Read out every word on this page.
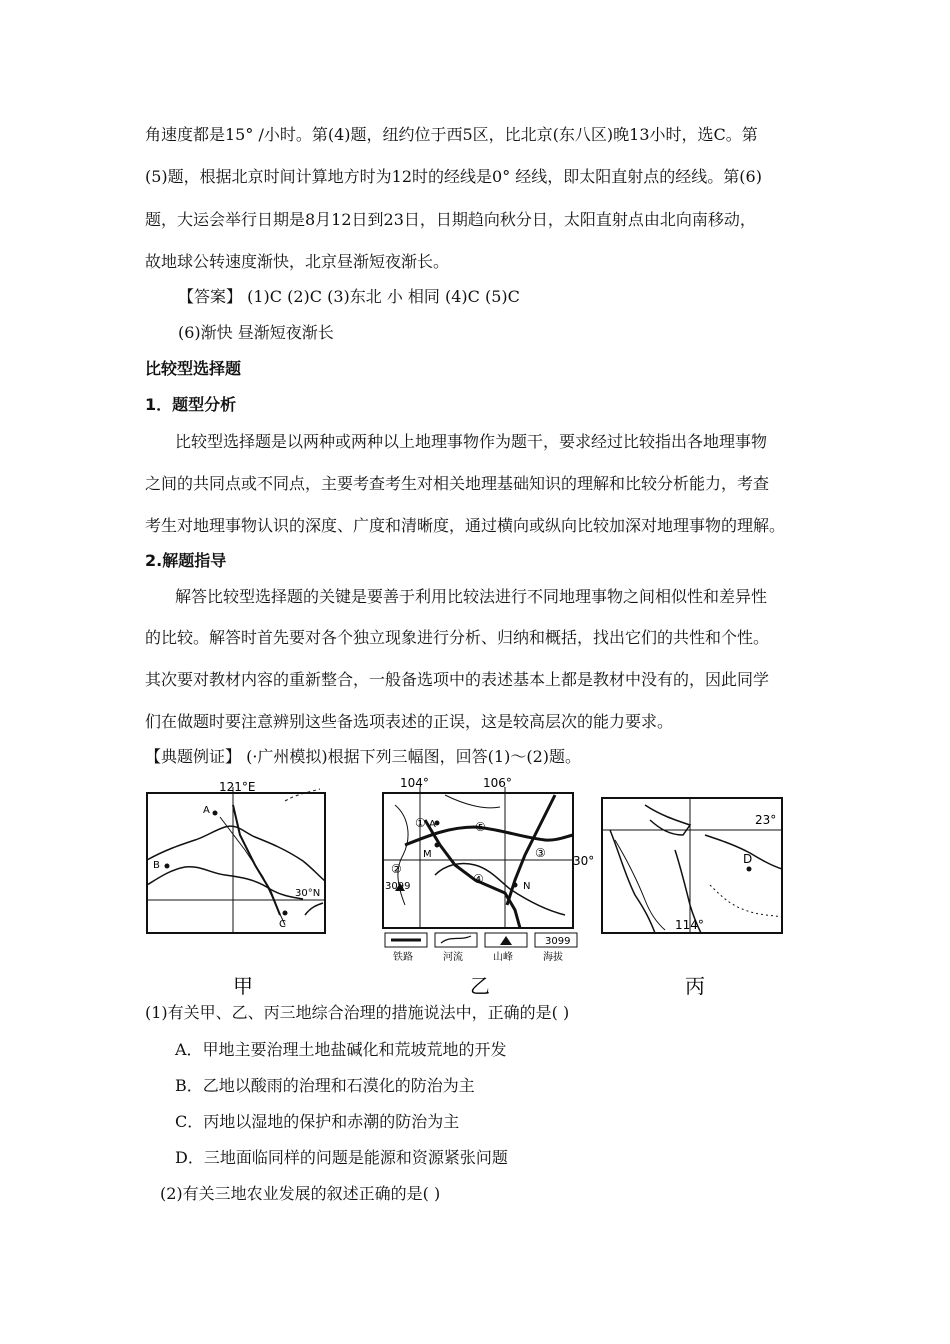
角速度都是15° /小时。第(4)题，纽约位于西5区，比北京(东八区)晚13小时，选C。第
(5)题，根据北京时间计算地方时为12时的经线是0° 经线，即太阳直射点的经线。第(6)
题，大运会举行日期是8月12日到23日，日期趋向秋分日，太阳直射点由北向南移动，
故地球公转速度渐快，北京昼渐短夜渐长。
【答案】 (1)C (2)C (3)东北 小 相同 (4)C (5)C
(6)渐快 昼渐短夜渐长
比较型选择题
1．题型分析
比较型选择题是以两种或两种以上地理事物作为题干，要求经过比较指出各地理事物
之间的共同点或不同点，主要考查考生对相关地理基础知识的理解和比较分析能力，考查
考生对地理事物认识的深度、广度和清晰度，通过横向或纵向比较加深对地理事物的理解。
2.解题指导
解答比较型选择题的关键是要善于利用比较法进行不同地理事物之间相似性和差异性
的比较。解答时首先要对各个独立现象进行分析、归纳和概括，找出它们的共性和个性。
其次要对教材内容的重新整合，一般备选项中的表述基本上都是教材中没有的，因此同学
们在做题时要注意辨别这些备选项表述的正误，这是较高层次的能力要求。
【典题例证】 (·广州模拟)根据下列三幅图，回答(1)～(2)题。
121°E
A
B
C
30°N
甲
104°	106°
30°
①
②
③
④
⑤
A
M
N
3099
3099
铁路	河流	山峰	海拔
乙
23°
D
114°
丙
(1)有关甲、乙、丙三地综合治理的措施说法中，正确的是( )
A．甲地主要治理土地盐碱化和荒坡荒地的开发
B．乙地以酸雨的治理和石漠化的防治为主
C．丙地以湿地的保护和赤潮的防治为主
D．三地面临同样的问题是能源和资源紧张问题
(2)有关三地农业发展的叙述正确的是( )
